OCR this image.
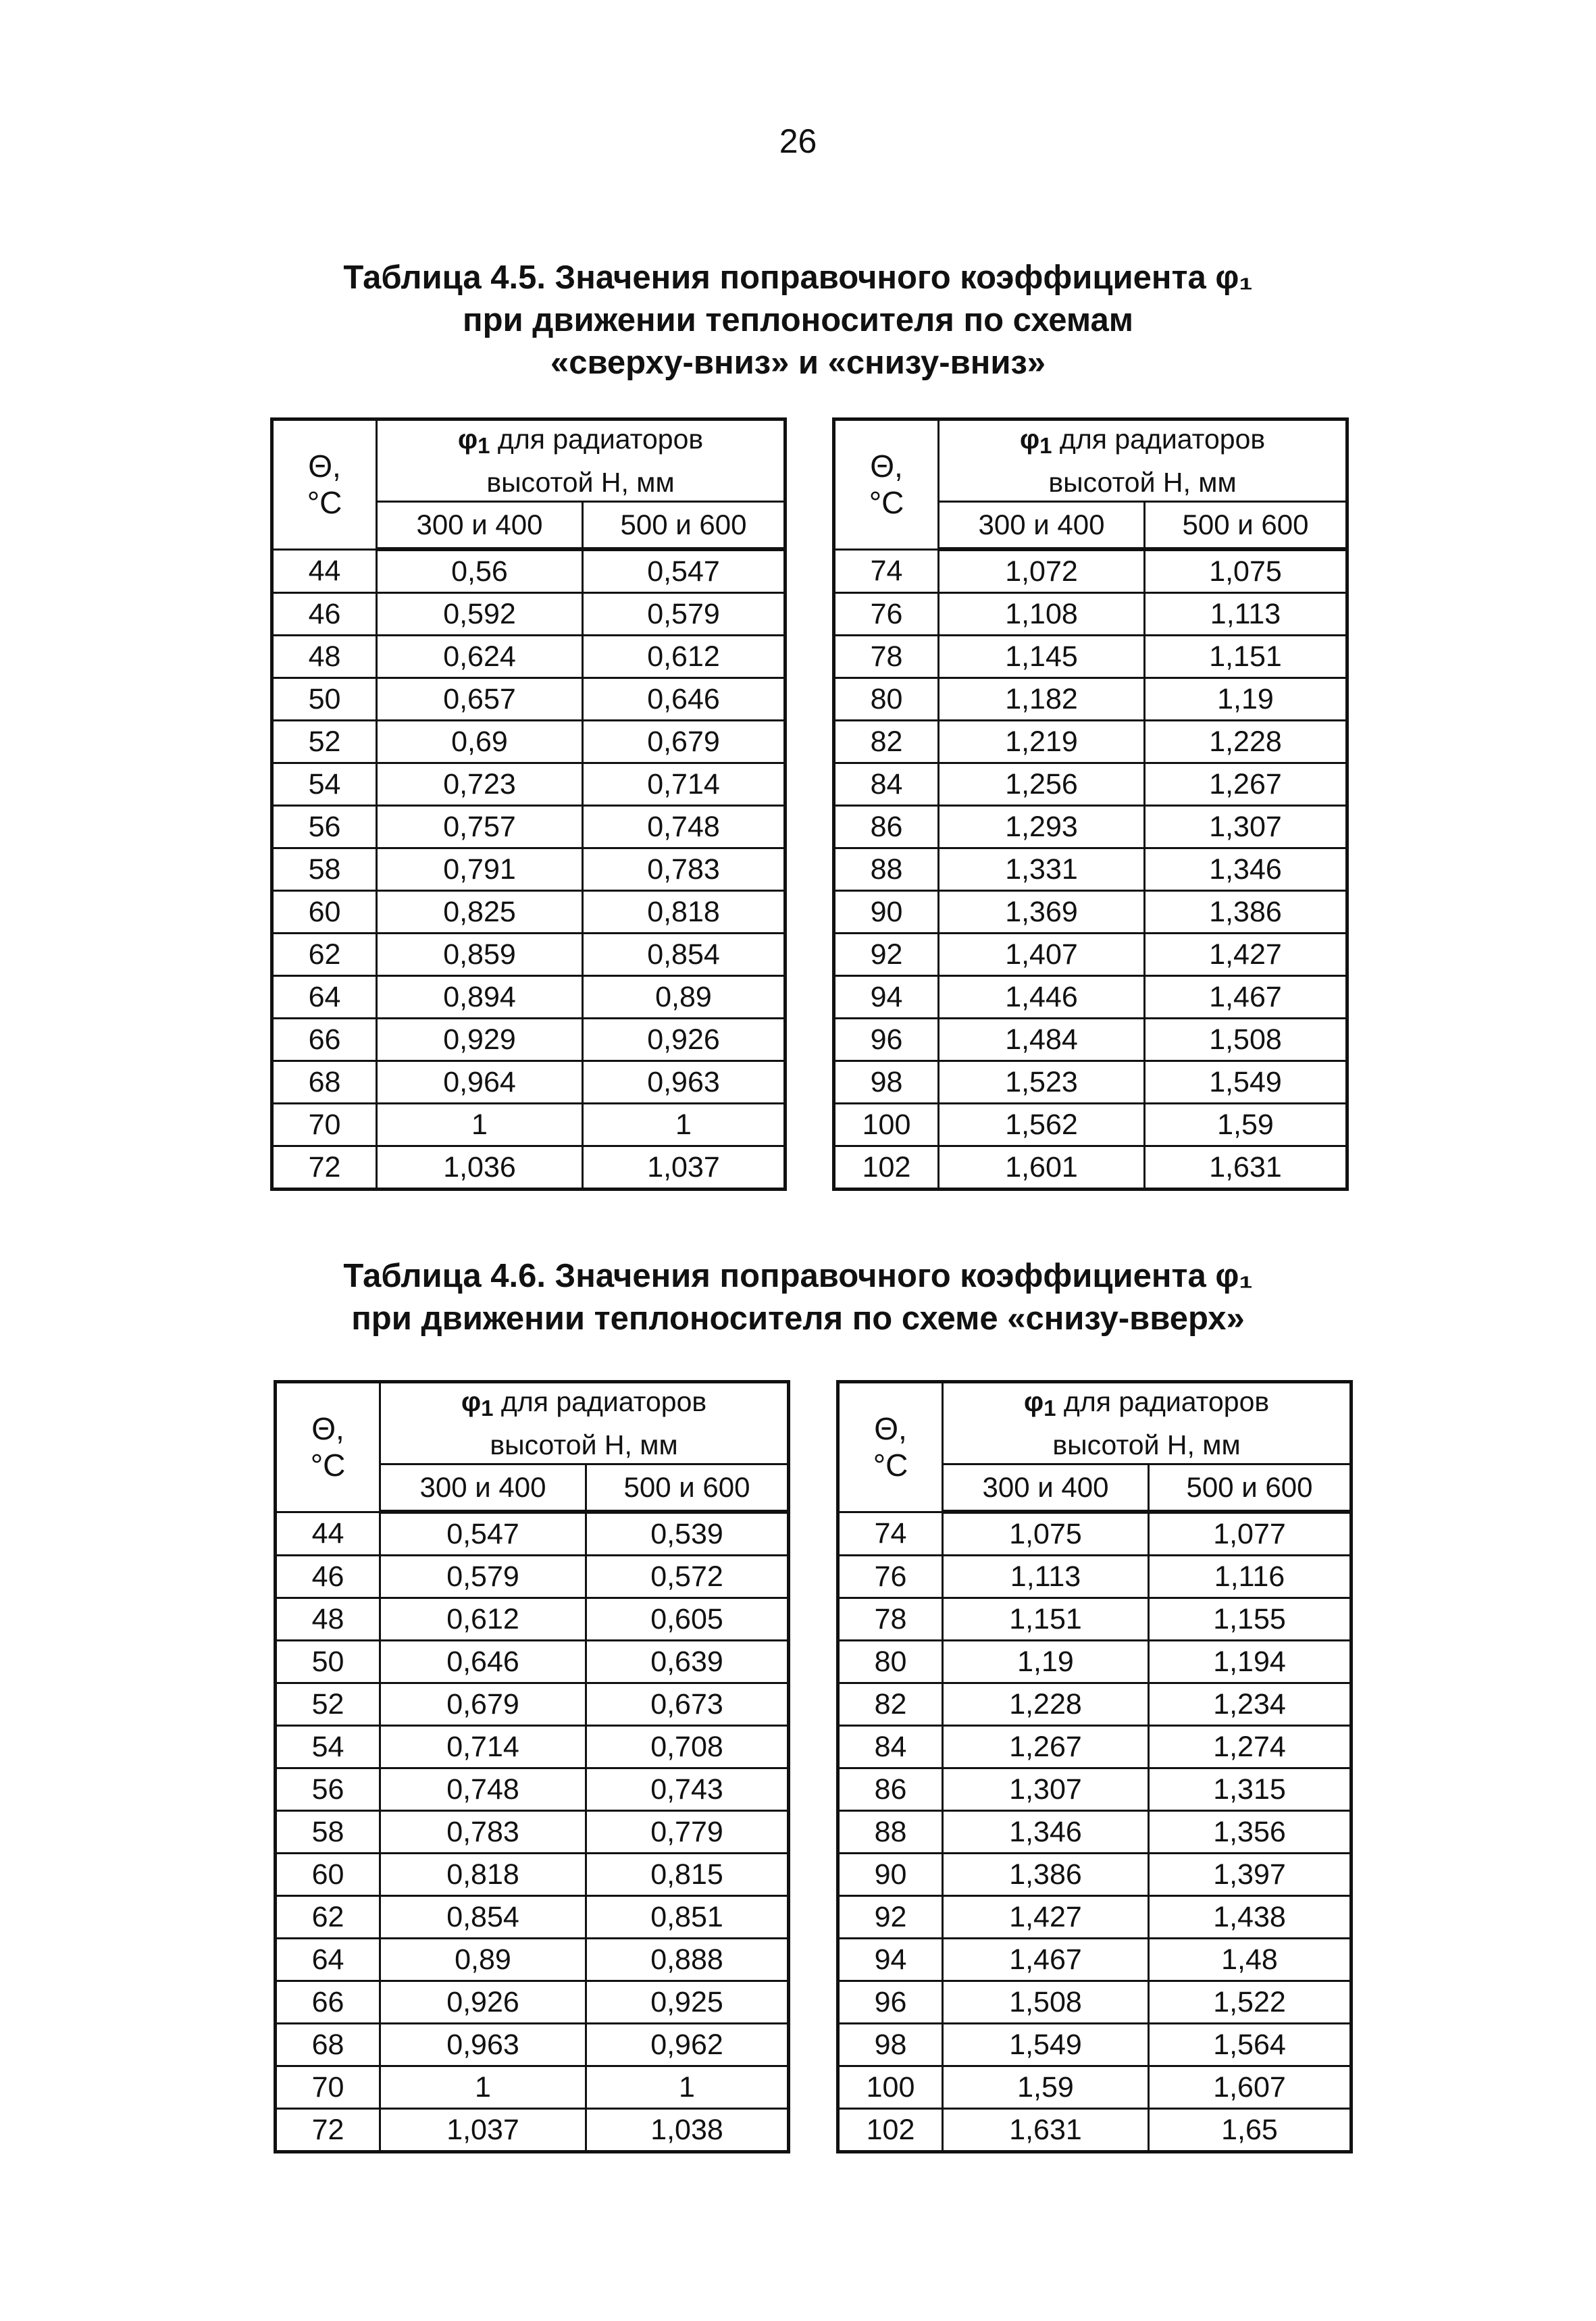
26
Таблица 4.5. Значения поправочного коэффициента φ₁
при движении теплоносителя по схемам
«сверху-вниз» и «снизу-вниз»
Θ,
°C	φ1 для радиаторов
высотой Н, мм	
	300 и 400	500 и 600
44	0,56	0,547
46	0,592	0,579
48	0,624	0,612
50	0,657	0,646
52	0,69	0,679
54	0,723	0,714
56	0,757	0,748
58	0,791	0,783
60	0,825	0,818
62	0,859	0,854
64	0,894	0,89
66	0,929	0,926
68	0,964	0,963
70	1	1
72	1,036	1,037
Θ,
°C	φ1 для радиаторов
высотой Н, мм	
	300 и 400	500 и 600
74	1,072	1,075
76	1,108	1,113
78	1,145	1,151
80	1,182	1,19
82	1,219	1,228
84	1,256	1,267
86	1,293	1,307
88	1,331	1,346
90	1,369	1,386
92	1,407	1,427
94	1,446	1,467
96	1,484	1,508
98	1,523	1,549
100	1,562	1,59
102	1,601	1,631
Таблица 4.6. Значения поправочного коэффициента φ₁
при движении теплоносителя по схеме «снизу-вверх»
Θ,
°C	φ1 для радиаторов
высотой Н, мм	
	300 и 400	500 и 600
44	0,547	0,539
46	0,579	0,572
48	0,612	0,605
50	0,646	0,639
52	0,679	0,673
54	0,714	0,708
56	0,748	0,743
58	0,783	0,779
60	0,818	0,815
62	0,854	0,851
64	0,89	0,888
66	0,926	0,925
68	0,963	0,962
70	1	1
72	1,037	1,038
Θ,
°C	φ1 для радиаторов
высотой Н, мм	
	300 и 400	500 и 600
74	1,075	1,077
76	1,113	1,116
78	1,151	1,155
80	1,19	1,194
82	1,228	1,234
84	1,267	1,274
86	1,307	1,315
88	1,346	1,356
90	1,386	1,397
92	1,427	1,438
94	1,467	1,48
96	1,508	1,522
98	1,549	1,564
100	1,59	1,607
102	1,631	1,65
